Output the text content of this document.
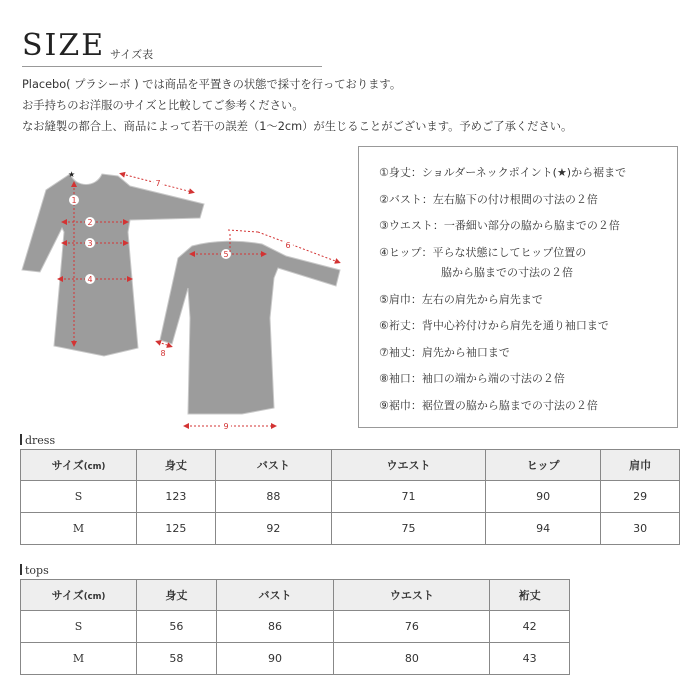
SIZE サイズ表
Placebo( プラシーボ ) では商品を平置きの状態で採寸を行っております。
お手持ちのお洋服のサイズと比較してご参考ください。
なお縫製の都合上、商品によって若干の誤差（1〜2cm）が生じることがございます。予めご了承ください。
★
1
2
3
4
7
5
6
8
9
①身丈：ショルダーネックポイント(★)から裾まで
②バスト：左右脇下の付け根間の寸法の２倍
③ウエスト：一番細い部分の脇から脇までの２倍
④ヒップ：平らな状態にしてヒップ位置の
脇から脇までの寸法の２倍
⑤肩巾：左右の肩先から肩先まで
⑥裄丈：背中心衿付けから肩先を通り袖口まで
⑦袖丈：肩先から袖口まで
⑧袖口：袖口の端から端の寸法の２倍
⑨裾巾：裾位置の脇から脇までの寸法の２倍
dress
サイズ(cm)	身丈	バスト	ウエスト	ヒップ	肩巾
S	123	88	71	90	29
M	125	92	75	94	30
tops
サイズ(cm)	身丈	バスト	ウエスト	裄丈
S	56	86	76	42
M	58	90	80	43
